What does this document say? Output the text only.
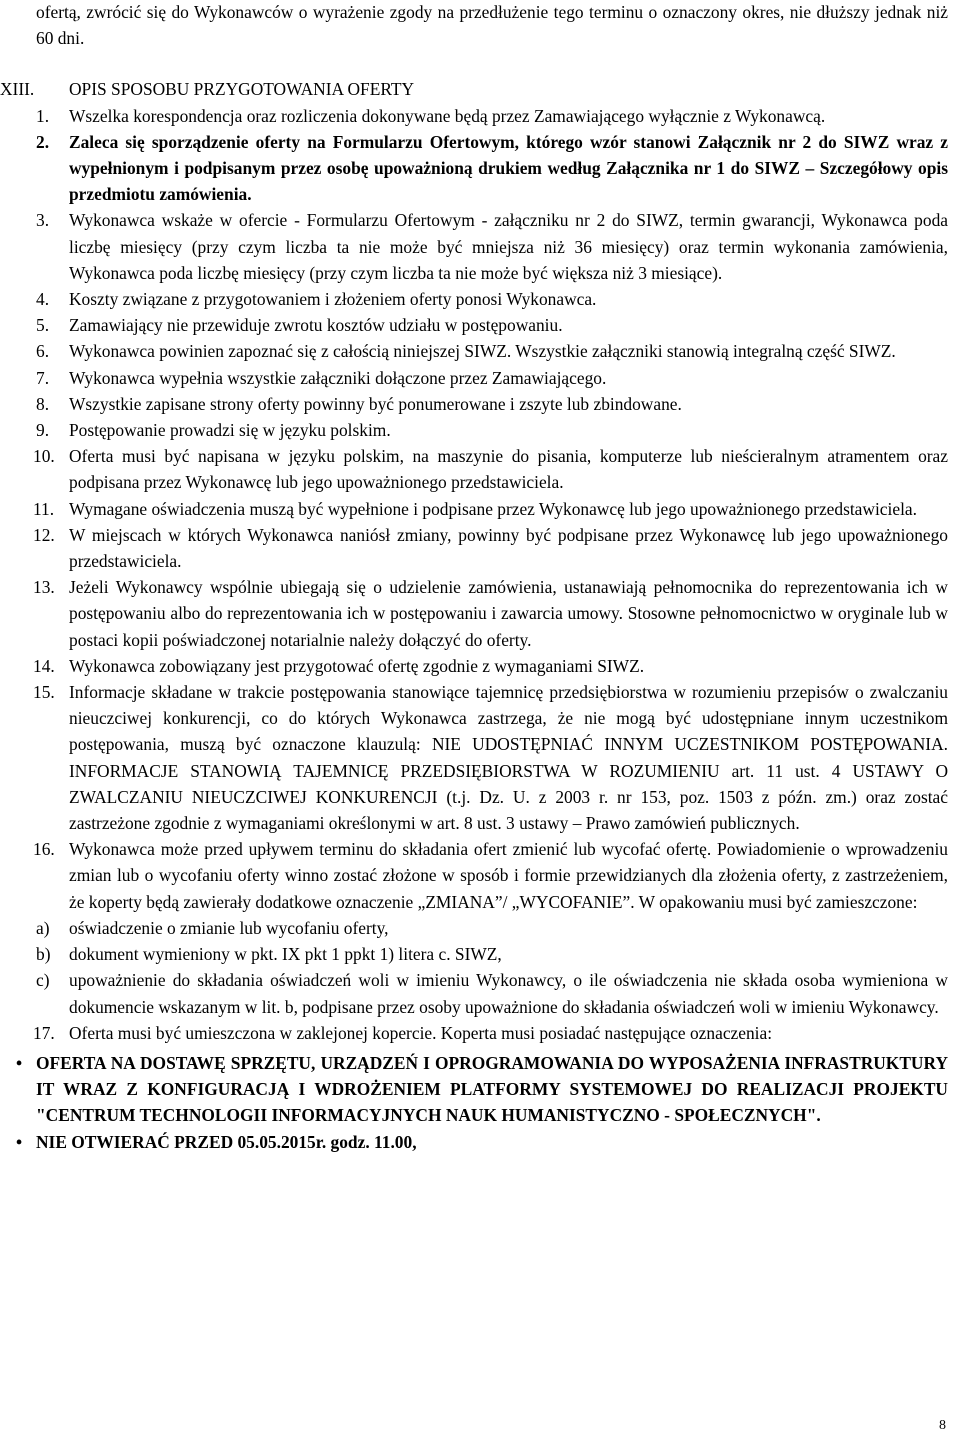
ofertą, zwrócić się do Wykonawców o wyrażenie zgody na przedłużenie tego terminu o oznaczony okres, nie dłuższy jednak niż 60 dni.

XIII. OPIS SPOSOBU PRZYGOTOWANIA OFERTY
1. Wszelka korespondencja oraz rozliczenia dokonywane będą przez Zamawiającego wyłącznie z Wykonawcą.
2. Zaleca się sporządzenie oferty na Formularzu Ofertowym, którego wzór stanowi Załącznik nr 2 do SIWZ wraz z wypełnionym i podpisanym przez osobę upoważnioną drukiem według Załącznika nr 1 do SIWZ – Szczegółowy opis przedmiotu zamówienia.
3. Wykonawca wskaże w ofercie - Formularzu Ofertowym - załączniku nr 2 do SIWZ, termin gwarancji, Wykonawca poda liczbę miesięcy (przy czym liczba ta nie może być mniejsza niż 36 miesięcy) oraz termin wykonania zamówienia, Wykonawca poda liczbę miesięcy (przy czym liczba ta nie może być większa niż 3 miesiące).
4. Koszty związane z przygotowaniem i złożeniem oferty ponosi Wykonawca.
5. Zamawiający nie przewiduje zwrotu kosztów udziału w postępowaniu.
6. Wykonawca powinien zapoznać się z całością niniejszej SIWZ. Wszystkie załączniki stanowią integralną część SIWZ.
7. Wykonawca wypełnia wszystkie załączniki dołączone przez Zamawiającego.
8. Wszystkie zapisane strony oferty powinny być ponumerowane i zszyte lub zbindowane.
9. Postępowanie prowadzi się w języku polskim.
10. Oferta musi być napisana w języku polskim, na maszynie do pisania, komputerze lub nieścieralnym atramentem oraz podpisana przez Wykonawcę lub jego upoważnionego przedstawiciela.
11. Wymagane oświadczenia muszą być wypełnione i podpisane przez Wykonawcę lub jego upoważnionego przedstawiciela.
12. W miejscach w których Wykonawca naniósł zmiany, powinny być podpisane przez Wykonawcę lub jego upoważnionego przedstawiciela.
13. Jeżeli Wykonawcy wspólnie ubiegają się o udzielenie zamówienia, ustanawiają pełnomocnika do reprezentowania ich w postępowaniu albo do reprezentowania ich w postępowaniu i zawarcia umowy. Stosowne pełnomocnictwo w oryginale lub w postaci kopii poświadczonej notarialnie należy dołączyć do oferty.
14. Wykonawca zobowiązany jest przygotować ofertę zgodnie z wymaganiami SIWZ.
15. Informacje składane w trakcie postępowania stanowiące tajemnicę przedsiębiorstwa w rozumieniu przepisów o zwalczaniu nieuczciwej konkurencji, co do których Wykonawca zastrzega, że nie mogą być udostępniane innym uczestnikom postępowania, muszą być oznaczone klauzulą: NIE UDOSTĘPNIAĆ INNYM UCZESTNIKOM POSTĘPOWANIA. INFORMACJE STANOWIĄ TAJEMNICĘ PRZEDSIĘBIORSTWA W ROZUMIENIU art. 11 ust. 4 USTAWY O ZWALCZANIU NIEUCZCIWEJ KONKURENCJI (t.j. Dz. U. z 2003 r. nr 153, poz. 1503 z późn. zm.) oraz zostać zastrzeżone zgodnie z wymaganiami określonymi w art. 8 ust. 3 ustawy – Prawo zamówień publicznych.
16. Wykonawca może przed upływem terminu do składania ofert zmienić lub wycofać ofertę. Powiadomienie o wprowadzeniu zmian lub o wycofaniu oferty winno zostać złożone w sposób i formie przewidzianych dla złożenia oferty, z zastrzeżeniem, że koperty będą zawierały dodatkowe oznaczenie „ZMIANA”/ „WYCOFANIE”. W opakowaniu musi być zamieszczone:
a) oświadczenie o zmianie lub wycofaniu oferty,
b) dokument wymieniony w pkt. IX pkt 1 ppkt 1) litera c. SIWZ,
c) upoważnienie do składania oświadczeń woli w imieniu Wykonawcy, o ile oświadczenia nie składa osoba wymieniona w dokumencie wskazanym w lit. b, podpisane przez osoby upoważnione do składania oświadczeń woli w imieniu Wykonawcy.
17. Oferta musi być umieszczona w zaklejonej kopercie. Koperta musi posiadać następujące oznaczenia:
• OFERTA NA DOSTAWĘ SPRZĘTU, URZĄDZEŃ I OPROGRAMOWANIA DO WYPOSAŻENIA INFRASTRUKTURY IT WRAZ Z KONFIGURACJĄ I WDROŻENIEM PLATFORMY SYSTEMOWEJ DO REALIZACJI PROJEKTU "CENTRUM TECHNOLOGII INFORMACYJNYCH NAUK HUMANISTYCZNO - SPOŁECZNYCH".
• NIE OTWIERAĆ PRZED 05.05.2015r. godz. 11.00,
8
